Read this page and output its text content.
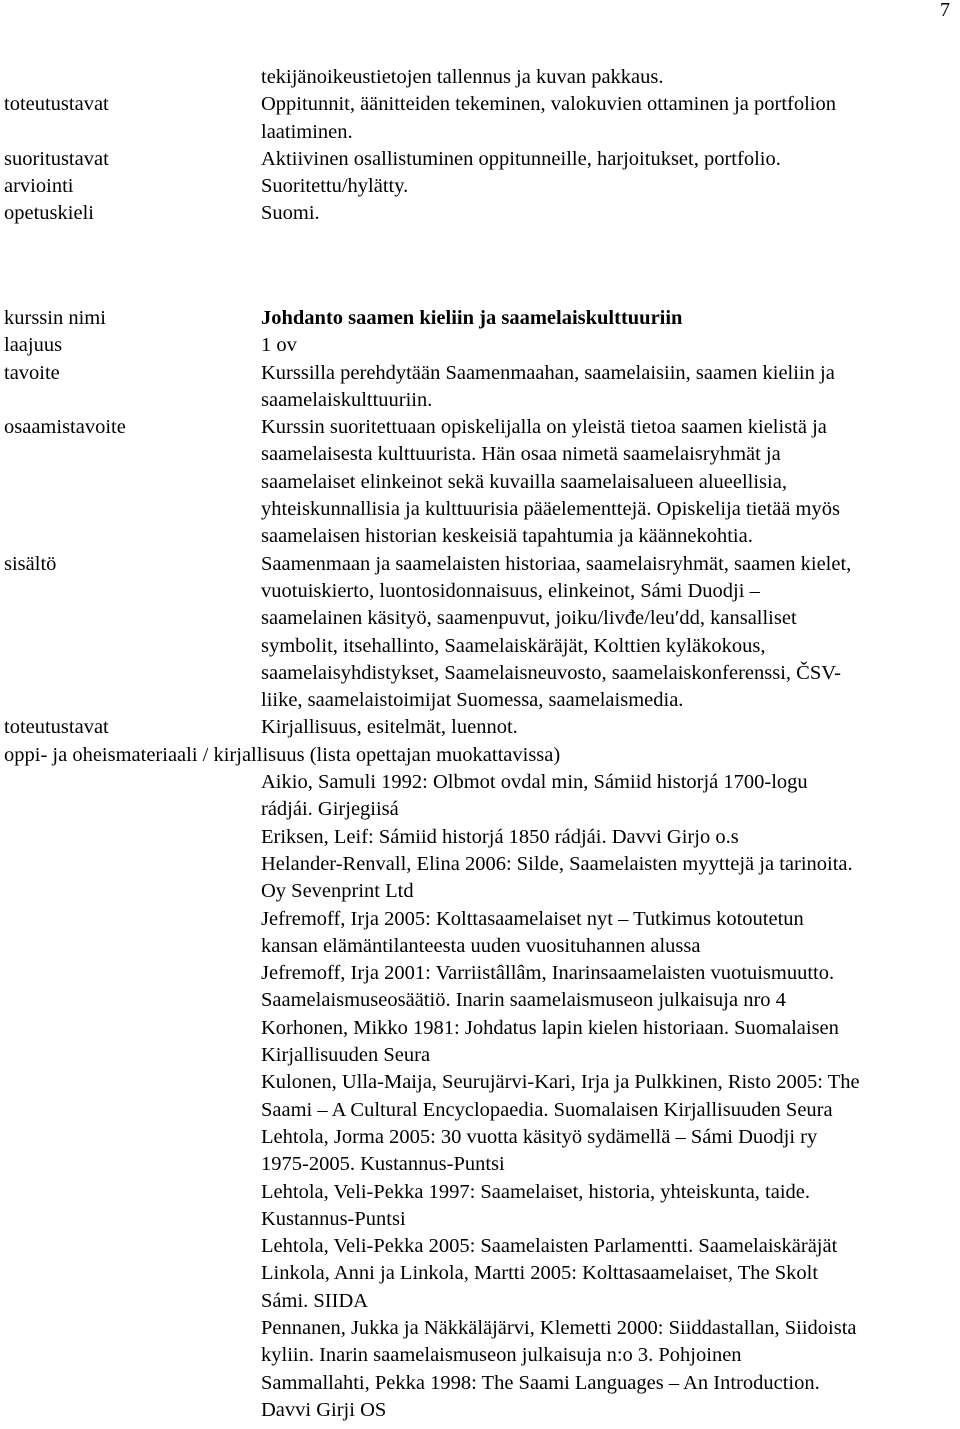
7
tekijänoikeustietojen tallennus ja kuvan pakkaus.
toteutustavat	Oppitunnit, äänitteiden tekeminen, valokuvien ottaminen ja portfolion
laatiminen.
suoritustavat	Aktiivinen osallistuminen oppitunneille, harjoitukset, portfolio.
arviointi	Suoritettu/hylätty.
opetuskieli	Suomi.
kurssin nimi	Johdanto saamen kieliin ja saamelaiskulttuuriin
laajuus	1 ov
tavoite	Kurssilla perehdytään Saamenmaahan, saamelaisiin, saamen kieliin ja
saamelaiskulttuuriin.
osaamistavoite	Kurssin suoritettuaan opiskelijalla on yleistä tietoa saamen kielistä ja
saamelaisesta kulttuurista. Hän osaa nimetä saamelaisryhmät ja
saamelaiset elinkeinot sekä kuvailla saamelaisalueen alueellisia,
yhteiskunnallisia ja kulttuurisia pääelementtejä. Opiskelija tietää myös
saamelaisen historian keskeisiä tapahtumia ja käännekohtia.
sisältö	Saamenmaan ja saamelaisten historiaa, saamelaisryhmät, saamen kielet,
vuotuiskierto, luontosidonnaisuus, elinkeinot, Sámi Duodji –
saamelainen käsityö, saamenpuvut, joiku/livđe/leu′dd, kansalliset
symbolit, itsehallinto, Saamelaiskäräjät, Kolttien kyläkokous,
saamelaisyhdistykset, Saamelaisneuvosto, saamelaiskonferenssi, ČSV-
liike, saamelaistoimijat Suomessa, saamelaismedia.
toteutustavat	Kirjallisuus, esitelmät, luennot.
oppi- ja oheismateriaali / kirjallisuus (lista opettajan muokattavissa)
Aikio, Samuli 1992: Olbmot ovdal min, Sámiid historjá 1700-logu
rádjái. Girjegiisá
Eriksen, Leif: Sámiid historjá 1850 rádjái. Davvi Girjo o.s
Helander-Renvall, Elina 2006: Silde, Saamelaisten myyttejä ja tarinoita.
Oy Sevenprint Ltd
Jefremoff, Irja 2005: Kolttasaamelaiset nyt – Tutkimus kotoutetun
kansan elämäntilanteesta uuden vuosituhannen alussa
Jefremoff, Irja 2001: Varriistâllâm, Inarinsaamelaisten vuotuismuutto.
Saamelaismuseosäätiö. Inarin saamelaismuseon julkaisuja nro 4
Korhonen, Mikko 1981: Johdatus lapin kielen historiaan. Suomalaisen
Kirjallisuuden Seura
Kulonen, Ulla-Maija, Seurujärvi-Kari, Irja ja Pulkkinen, Risto 2005: The
Saami – A Cultural Encyclopaedia. Suomalaisen Kirjallisuuden Seura
Lehtola, Jorma 2005: 30 vuotta käsityö sydämellä – Sámi Duodji ry
1975-2005. Kustannus-Puntsi
Lehtola, Veli-Pekka 1997: Saamelaiset, historia, yhteiskunta, taide.
Kustannus-Puntsi
Lehtola, Veli-Pekka 2005: Saamelaisten Parlamentti. Saamelaiskäräjät
Linkola, Anni ja Linkola, Martti 2005: Kolttasaamelaiset, The Skolt
Sámi. SIIDA
Pennanen, Jukka ja Näkkäläjärvi, Klemetti 2000: Siiddastallan, Siidoista
kyliin. Inarin saamelaismuseon julkaisuja n:o 3. Pohjoinen
Sammallahti, Pekka 1998: The Saami Languages – An Introduction.
Davvi Girji OS
